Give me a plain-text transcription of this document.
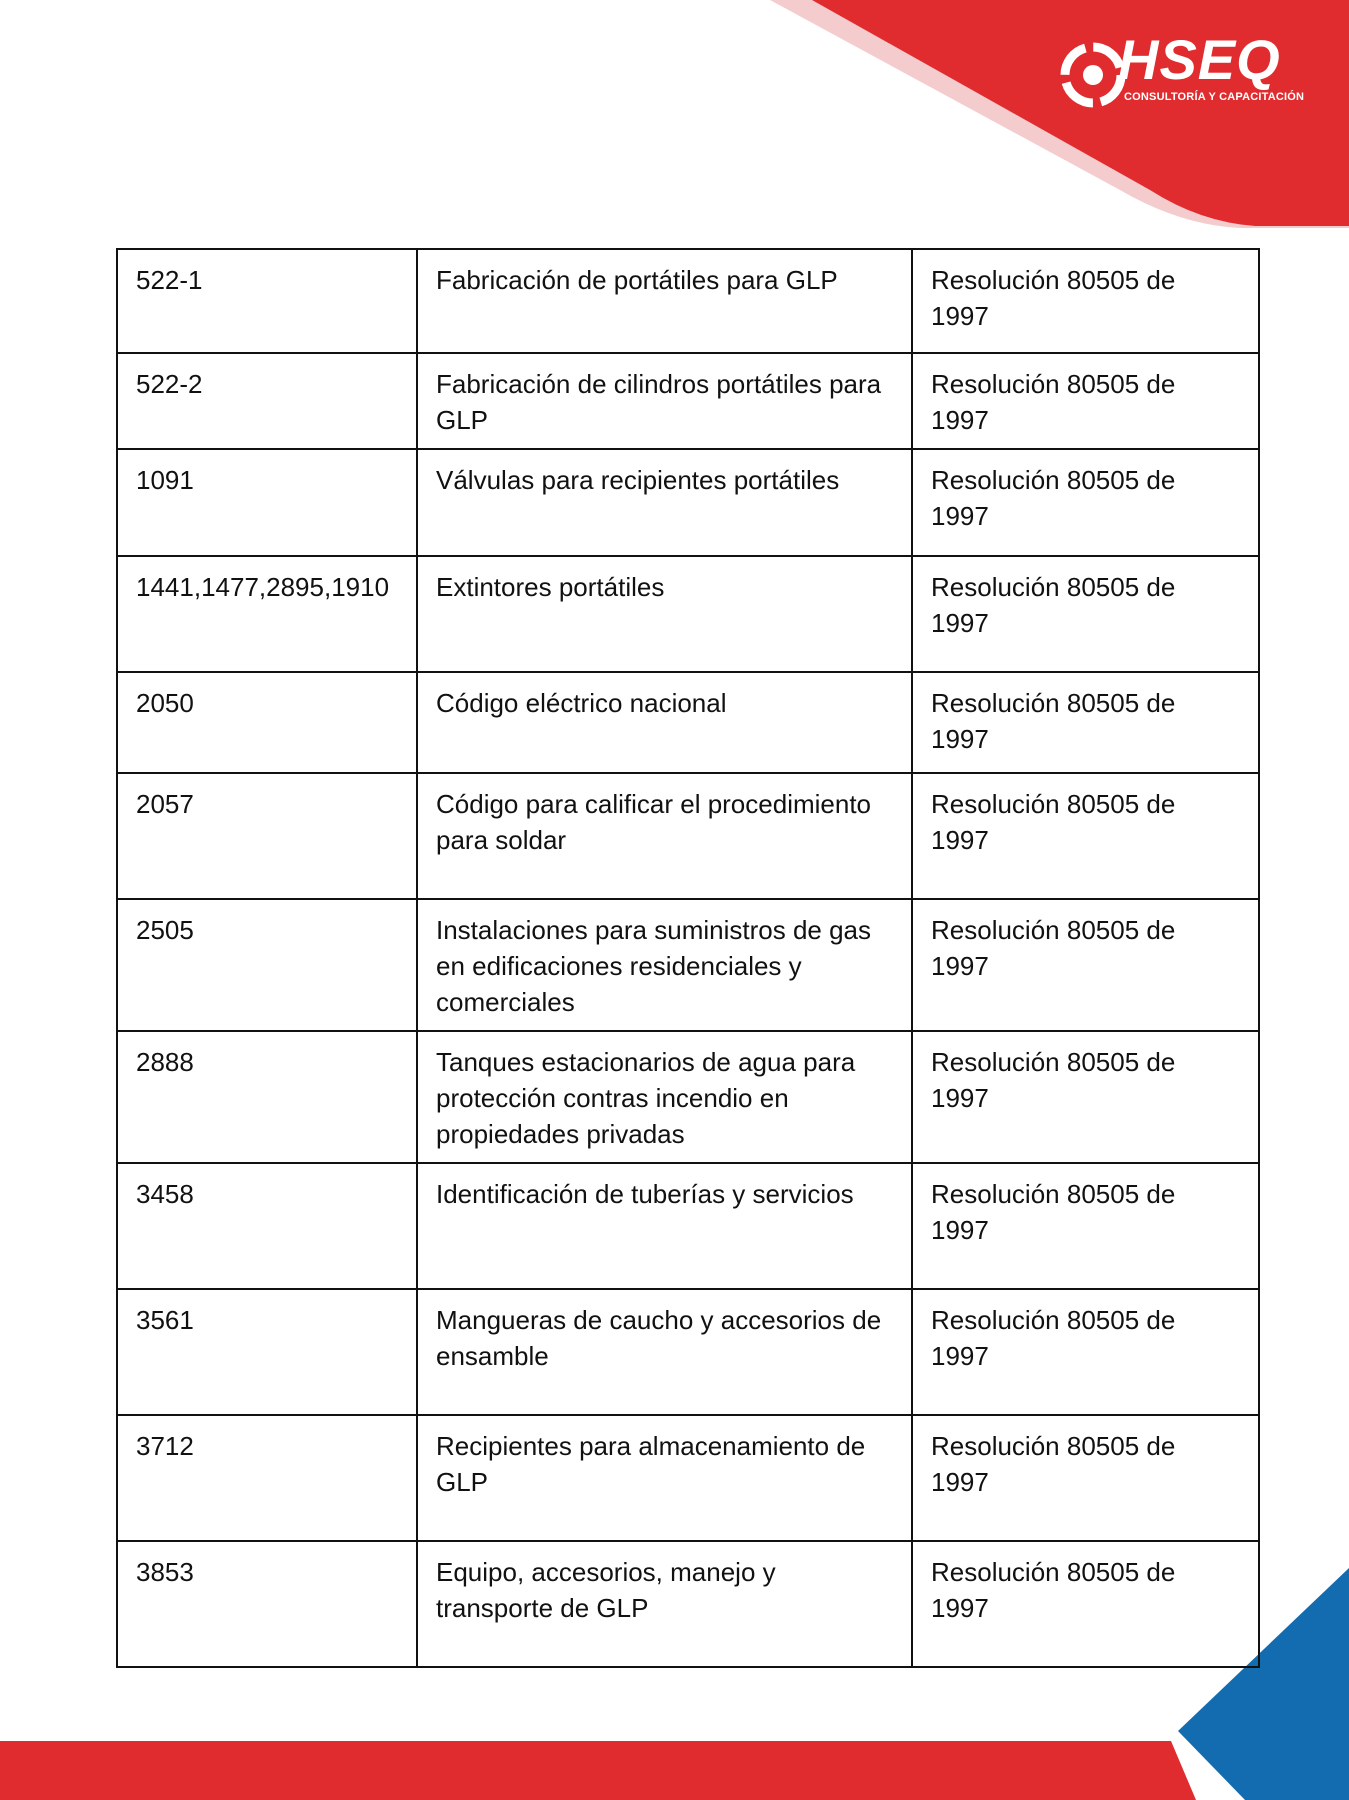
HSEQ
CONSULTORÍA Y CAPACITACIÓN
522-1	Fabricación de portátiles para GLP	Resolución 80505 de 1997
522-2	Fabricación de cilindros portátiles para GLP	Resolución 80505 de 1997
1091	Válvulas para recipientes portátiles	Resolución 80505 de 1997
1441,1477,2895,1910	Extintores portátiles	Resolución 80505 de 1997
2050	Código eléctrico nacional	Resolución 80505 de 1997
2057	Código para calificar el procedimiento para soldar	Resolución 80505 de 1997
2505	Instalaciones para suministros de gas en edificaciones residenciales y comerciales	Resolución 80505 de 1997
2888	Tanques estacionarios de agua para protección contras incendio en propiedades privadas	Resolución 80505 de 1997
3458	Identificación de tuberías y servicios	Resolución 80505 de 1997
3561	Mangueras de caucho y accesorios de ensamble	Resolución 80505 de 1997
3712	Recipientes para almacenamiento de GLP	Resolución 80505 de 1997
3853	Equipo, accesorios, manejo y transporte de GLP	Resolución 80505 de 1997
